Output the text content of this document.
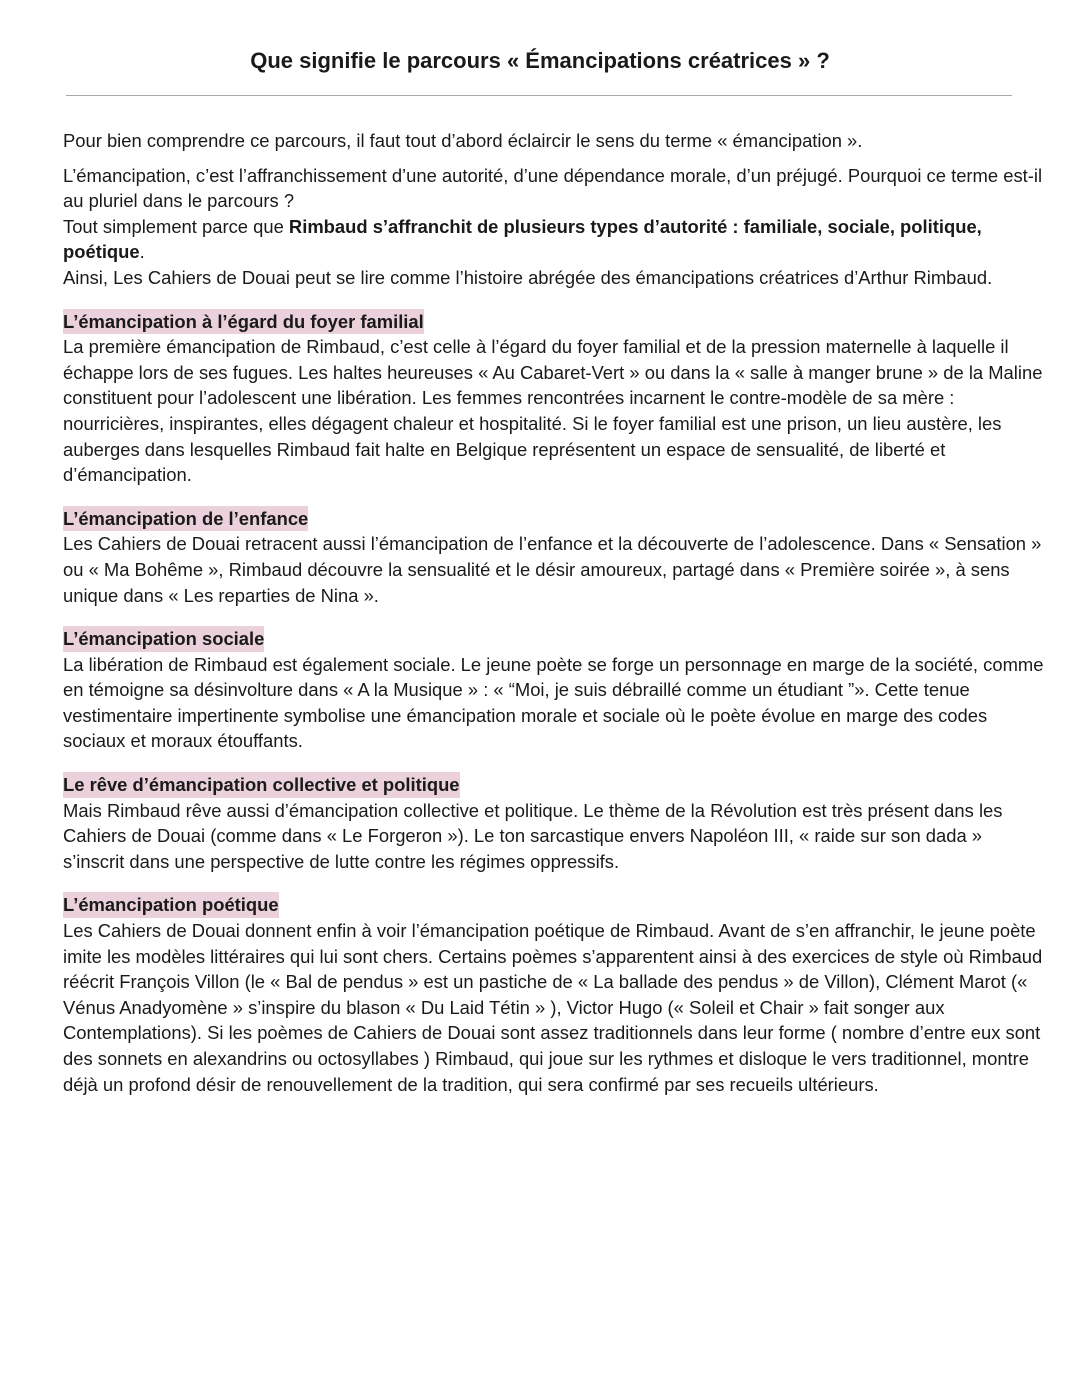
Que signifie le parcours « Émancipations créatrices » ?

Pour bien comprendre ce parcours, il faut tout d’abord éclaircir le sens du terme « émancipation ».

L’émancipation, c’est l’affranchissement d’une autorité, d’une dépendance morale, d’un préjugé. Pourquoi ce terme est-il au pluriel dans le parcours ?

Tout simplement parce que Rimbaud s’affranchit de plusieurs types d’autorité : familiale, sociale, politique, poétique.

Ainsi, Les Cahiers de Douai peut se lire comme l’histoire abrégée des émancipations créatrices d’Arthur Rimbaud.

L’émancipation à l’égard du foyer familial

La première émancipation de Rimbaud, c’est celle à l’égard du foyer familial et de la pression maternelle à laquelle il échappe lors de ses fugues. Les haltes heureuses « Au Cabaret-Vert » ou dans la « salle à manger brune » de la Maline constituent pour l’adolescent une libération. Les femmes rencontrées incarnent le contre-modèle de sa mère : nourricières, inspirantes, elles dégagent chaleur et hospitalité. Si le foyer familial est une prison, un lieu austère, les auberges dans lesquelles Rimbaud fait halte en Belgique représentent un espace de sensualité, de liberté et d’émancipation.

L’émancipation de l’enfance

Les Cahiers de Douai retracent aussi l’émancipation de l’enfance et la découverte de l’adolescence. Dans « Sensation » ou « Ma Bohême », Rimbaud découvre la sensualité et le désir amoureux, partagé dans « Première soirée », à sens unique dans « Les reparties de Nina ».

L’émancipation sociale

La libération de Rimbaud est également sociale. Le jeune poète se forge un personnage en marge de la société, comme en témoigne sa désinvolture dans « A la Musique » : « “Moi, je suis débraillé comme un étudiant ”». Cette tenue vestimentaire impertinente symbolise une émancipation morale et sociale où le poète évolue en marge des codes sociaux et moraux étouffants.

Le rêve d’émancipation collective et politique

Mais Rimbaud rêve aussi d’émancipation collective et politique. Le thème de la Révolution est très présent dans les Cahiers de Douai (comme dans « Le Forgeron »). Le ton sarcastique envers Napoléon III, « raide sur son dada » s’inscrit dans une perspective de lutte contre les régimes oppressifs.

L’émancipation poétique

Les Cahiers de Douai donnent enfin à voir l’émancipation poétique de Rimbaud. Avant de s’en affranchir, le jeune poète imite les modèles littéraires qui lui sont chers. Certains poèmes s’apparentent ainsi à des exercices de style où Rimbaud réécrit François Villon (le « Bal de pendus » est un pastiche de « La ballade des pendus » de Villon), Clément Marot (« Vénus Anadyomène » s’inspire du blason « Du Laid Tétin » ), Victor Hugo (« Soleil et Chair » fait songer aux Contemplations). Si les poèmes de Cahiers de Douai sont assez traditionnels dans leur forme ( nombre d’entre eux sont des sonnets en alexandrins ou octosyllabes ) Rimbaud, qui joue sur les rythmes et disloque le vers traditionnel, montre déjà un profond désir de renouvellement de la tradition, qui sera confirmé par ses recueils ultérieurs.
